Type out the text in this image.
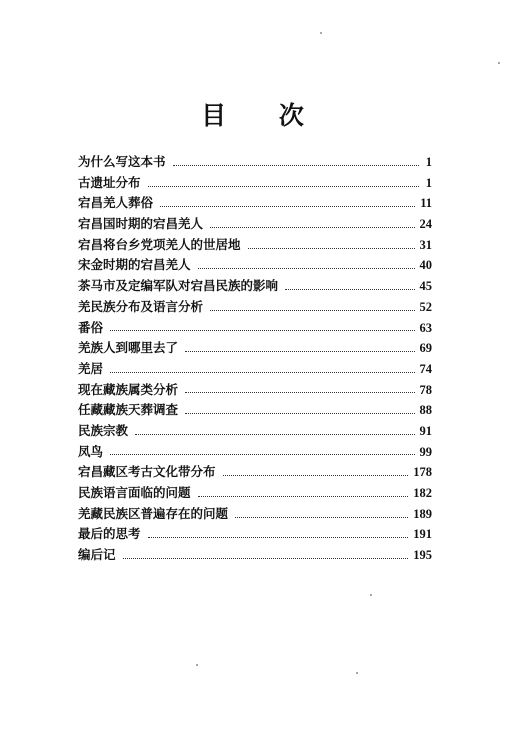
目 次
为什么写这本书	1
古遗址分布	1
宕昌羌人葬俗	11
宕昌国时期的宕昌羌人	24
宕昌将台乡党项羌人的世居地	31
宋金时期的宕昌羌人	40
茶马市及定编军队对宕昌民族的影响	45
羌民族分布及语言分析	52
番俗	63
羌族人到哪里去了	69
羌居	74
现在藏族属类分析	78
任藏藏族天葬调查	88
民族宗教	91
凤鸟	99
宕昌藏区考古文化带分布	178
民族语言面临的问题	182
羌藏民族区普遍存在的问题	189
最后的思考	191
编后记	195
